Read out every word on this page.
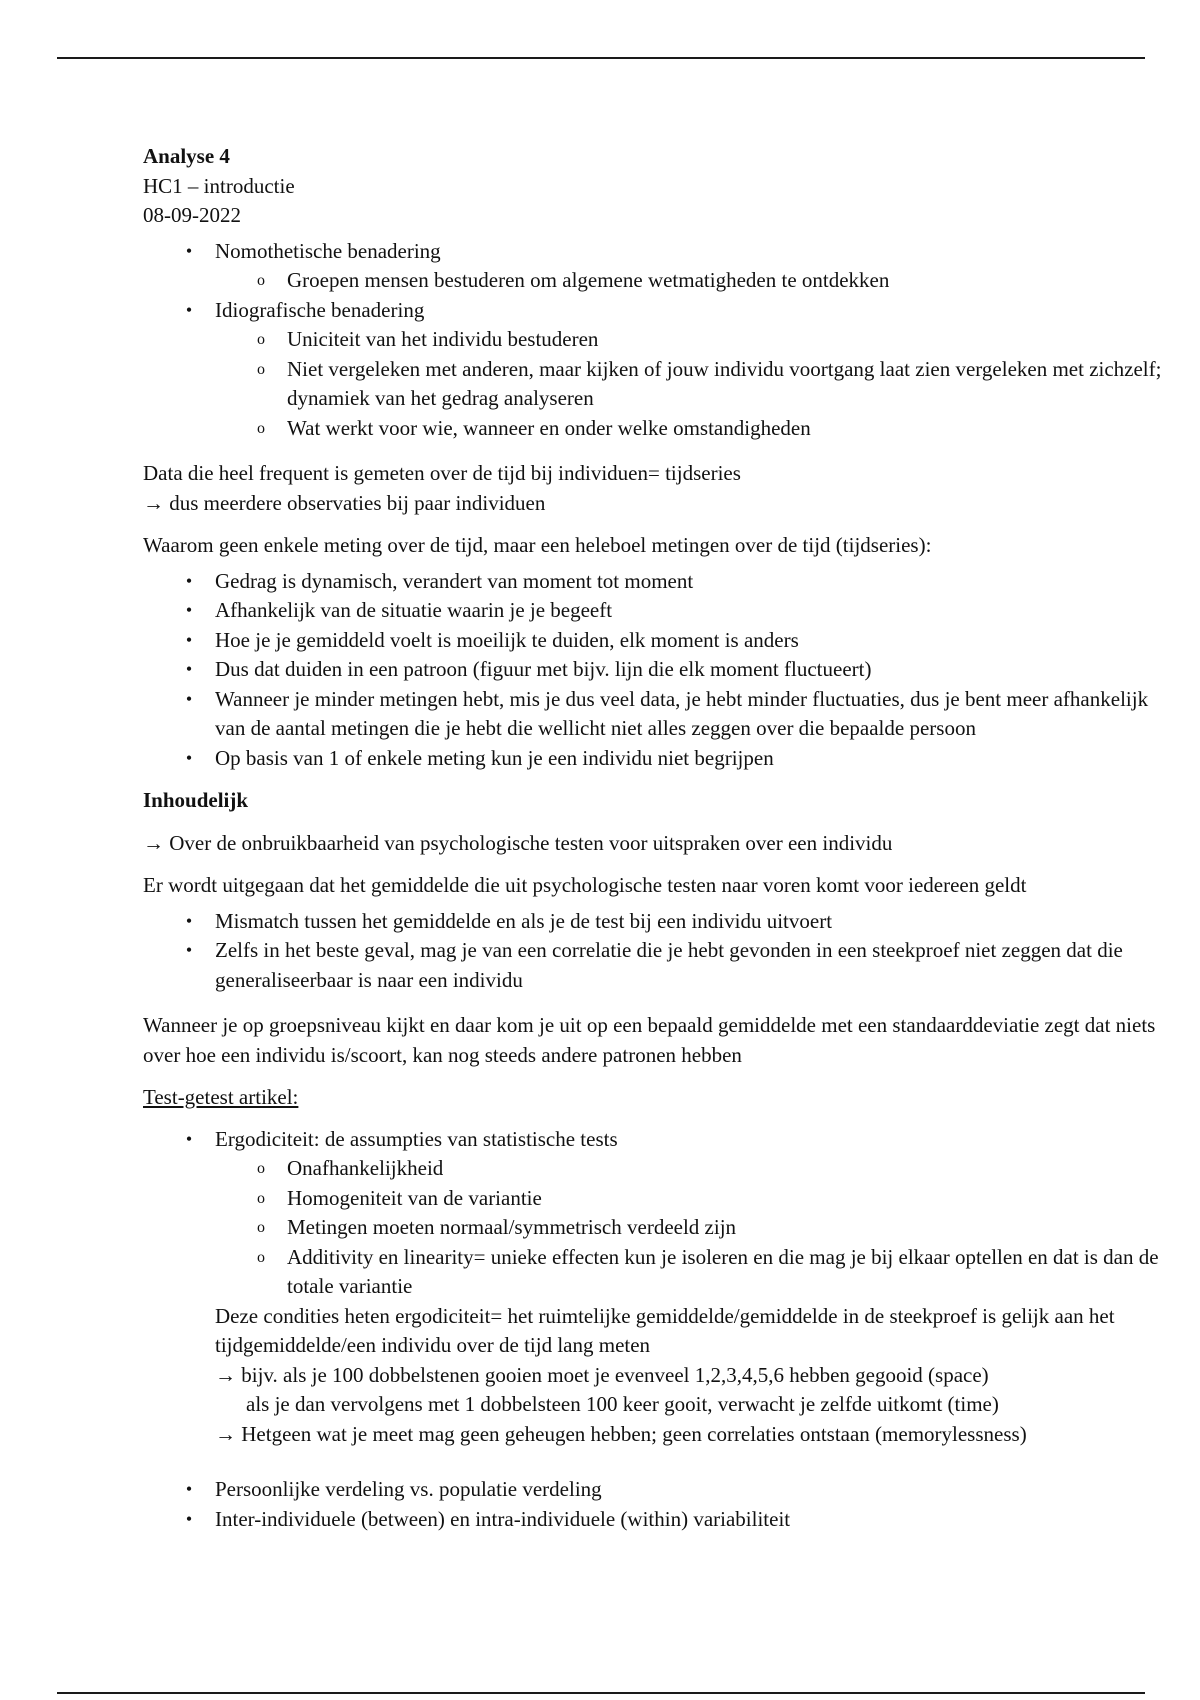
Analyse 4
HC1 – introductie
08-09-2022
•	Nomothetische benadering
o Groepen mensen bestuderen om algemene wetmatigheden te ontdekken
•	Idiografische benadering
o Uniciteit van het individu bestuderen
o Niet vergeleken met anderen, maar kijken of jouw individu voortgang laat zien vergeleken met zichzelf; dynamiek van het gedrag analyseren
o Wat werkt voor wie, wanneer en onder welke omstandigheden

Data die heel frequent is gemeten over de tijd bij individuen= tijdseries

→ dus meerdere observaties bij paar individuen

Waarom geen enkele meting over de tijd, maar een heleboel metingen over de tijd (tijdseries):

•	Gedrag is dynamisch, verandert van moment tot moment
•	Afhankelijk van de situatie waarin je je begeeft
•	Hoe je je gemiddeld voelt is moeilijk te duiden, elk moment is anders
•	Dus dat duiden in een patroon (figuur met bijv. lijn die elk moment fluctueert)
•	Wanneer je minder metingen hebt, mis je dus veel data, je hebt minder fluctuaties, dus je bent meer afhankelijk van de aantal metingen die je hebt die wellicht niet alles zeggen over die bepaalde persoon
•	Op basis van 1 of enkele meting kun je een individu niet begrijpen

Inhoudelijk

→ Over de onbruikbaarheid van psychologische testen voor uitspraken over een individu

Er wordt uitgegaan dat het gemiddelde die uit psychologische testen naar voren komt voor iedereen geldt

•	Mismatch tussen het gemiddelde en als je de test bij een individu uitvoert
•	Zelfs in het beste geval, mag je van een correlatie die je hebt gevonden in een steekproef niet zeggen dat die generaliseerbaar is naar een individu

Wanneer je op groepsniveau kijkt en daar kom je uit op een bepaald gemiddelde met een standaarddeviatie zegt dat niets over hoe een individu is/scoort, kan nog steeds andere patronen hebben

Test-getest artikel:

•	Ergodiciteit: de assumpties van statistische tests
o Onafhankelijkheid
o Homogeniteit van de variantie
o Metingen moeten normaal/symmetrisch verdeeld zijn
o Additivity en linearity= unieke effecten kun je isoleren en die mag je bij elkaar optellen en dat is dan de totale variantie

Deze condities heten ergodiciteit= het ruimtelijke gemiddelde/gemiddelde in de steekproef is gelijk aan het tijdgemiddelde/een individu over de tijd lang meten

→ bijv. als je 100 dobbelstenen gooien moet je evenveel 1,2,3,4,5,6 hebben gegooid (space)

als je dan vervolgens met 1 dobbelsteen 100 keer gooit, verwacht je zelfde uitkomt (time)

→ Hetgeen wat je meet mag geen geheugen hebben; geen correlaties ontstaan (memorylessness)

•	Persoonlijke verdeling vs. populatie verdeling
•	Inter-individuele (between) en intra-individuele (within) variabiliteit
